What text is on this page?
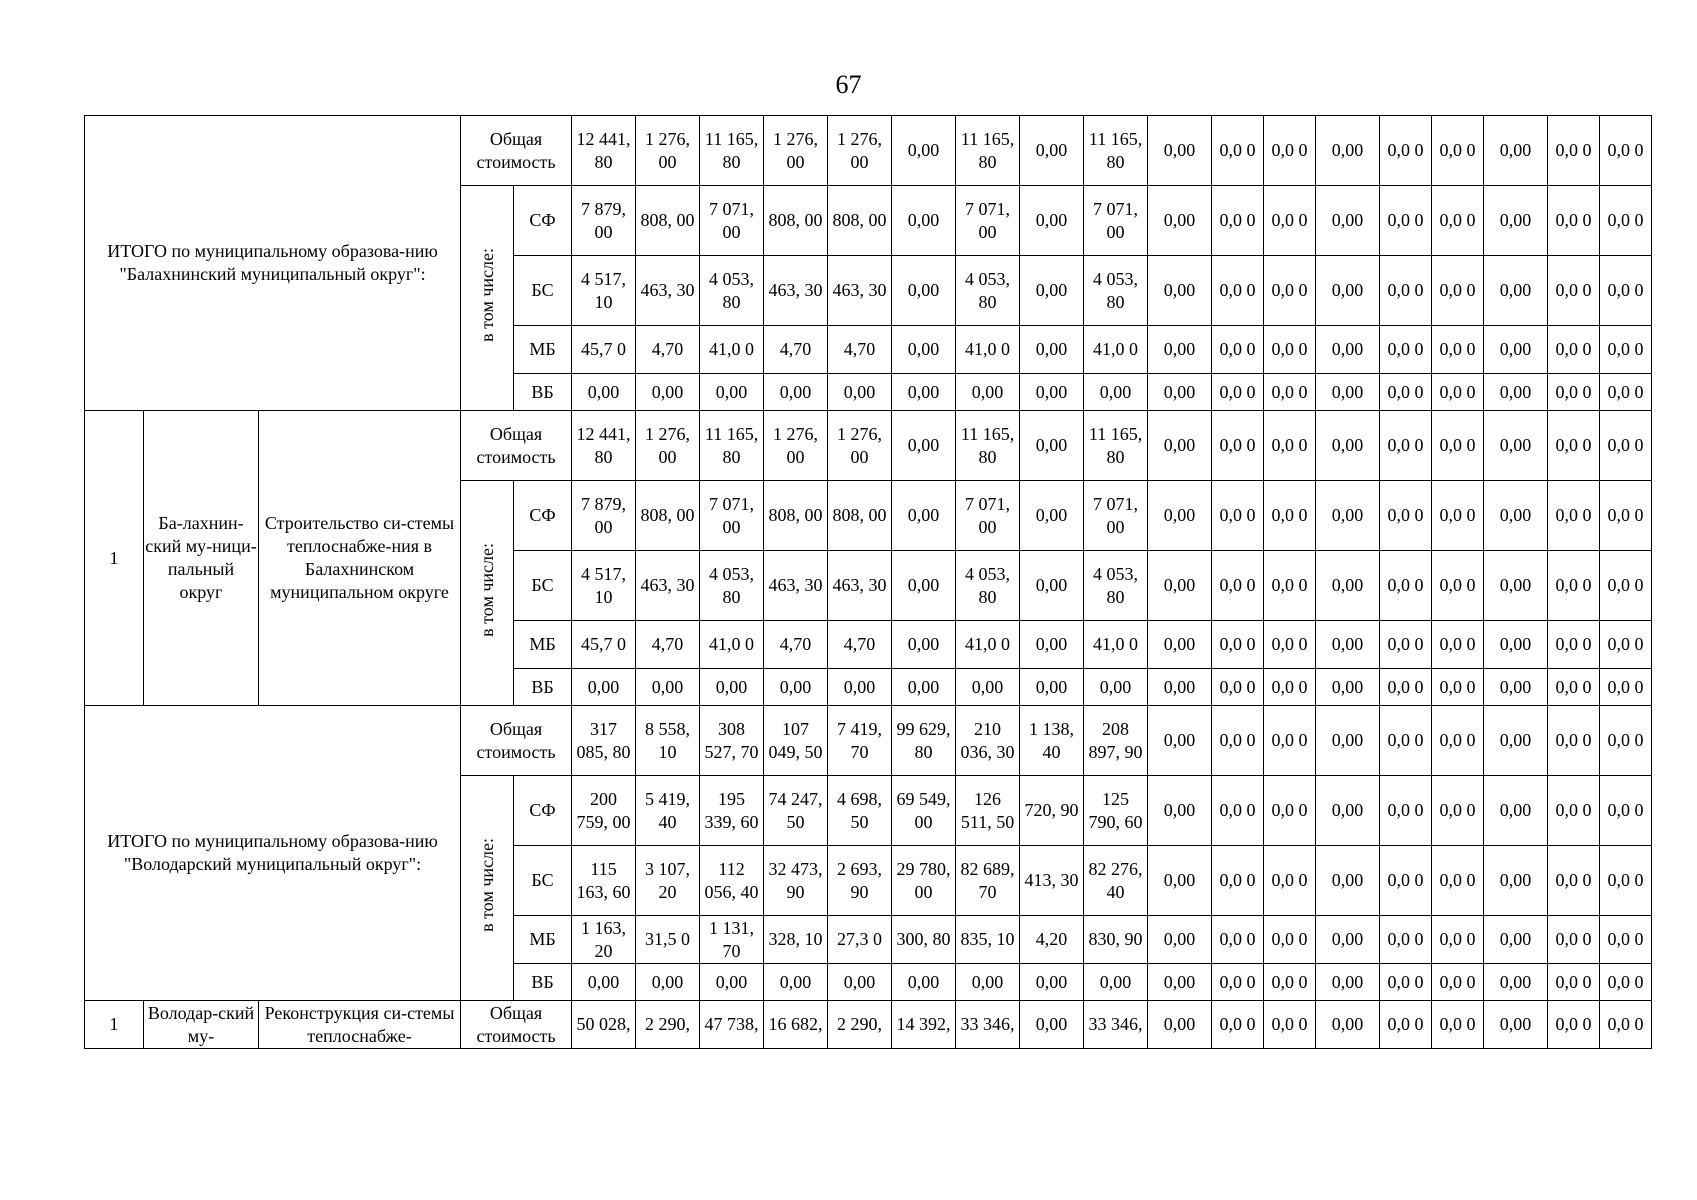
67
ИТОГО по муниципальному образова-нию "Балахнинский муниципальный округ":			Общая стоимость		12 441, 80	1 276, 00	11 165, 80	1 276, 00	1 276, 00	0,00	11 165, 80	0,00	11 165, 80	0,00	0,0 0	0,0 0	0,00	0,0 0	0,0 0	0,00	0,0 0	0,0 0
			в том числе:	СФ	7 879, 00	808, 00	7 071, 00	808, 00	808, 00	0,00	7 071, 00	0,00	7 071, 00	0,00	0,0 0	0,0 0	0,00	0,0 0	0,0 0	0,00	0,0 0	0,0 0
				БС	4 517, 10	463, 30	4 053, 80	463, 30	463, 30	0,00	4 053, 80	0,00	4 053, 80	0,00	0,0 0	0,0 0	0,00	0,0 0	0,0 0	0,00	0,0 0	0,0 0
				МБ	45,7 0	4,70	41,0 0	4,70	4,70	0,00	41,0 0	0,00	41,0 0	0,00	0,0 0	0,0 0	0,00	0,0 0	0,0 0	0,00	0,0 0	0,0 0
				ВБ	0,00	0,00	0,00	0,00	0,00	0,00	0,00	0,00	0,00	0,00	0,0 0	0,0 0	0,00	0,0 0	0,0 0	0,00	0,0 0	0,0 0
1	Ба-лахнин-ский му-ници-пальный округ	Строительство си-стемы теплоснабже-ния в Балахнинском муниципальном округе	Общая стоимость		12 441, 80	1 276, 00	11 165, 80	1 276, 00	1 276, 00	0,00	11 165, 80	0,00	11 165, 80	0,00	0,0 0	0,0 0	0,00	0,0 0	0,0 0	0,00	0,0 0	0,0 0
			в том числе:	СФ	7 879, 00	808, 00	7 071, 00	808, 00	808, 00	0,00	7 071, 00	0,00	7 071, 00	0,00	0,0 0	0,0 0	0,00	0,0 0	0,0 0	0,00	0,0 0	0,0 0
				БС	4 517, 10	463, 30	4 053, 80	463, 30	463, 30	0,00	4 053, 80	0,00	4 053, 80	0,00	0,0 0	0,0 0	0,00	0,0 0	0,0 0	0,00	0,0 0	0,0 0
				МБ	45,7 0	4,70	41,0 0	4,70	4,70	0,00	41,0 0	0,00	41,0 0	0,00	0,0 0	0,0 0	0,00	0,0 0	0,0 0	0,00	0,0 0	0,0 0
				ВБ	0,00	0,00	0,00	0,00	0,00	0,00	0,00	0,00	0,00	0,00	0,0 0	0,0 0	0,00	0,0 0	0,0 0	0,00	0,0 0	0,0 0
ИТОГО по муниципальному образова-нию "Володарский муниципальный округ":			Общая стоимость		317 085, 80	8 558, 10	308 527, 70	107 049, 50	7 419, 70	99 629, 80	210 036, 30	1 138, 40	208 897, 90	0,00	0,0 0	0,0 0	0,00	0,0 0	0,0 0	0,00	0,0 0	0,0 0
			в том числе:	СФ	200 759, 00	5 419, 40	195 339, 60	74 247, 50	4 698, 50	69 549, 00	126 511, 50	720, 90	125 790, 60	0,00	0,0 0	0,0 0	0,00	0,0 0	0,0 0	0,00	0,0 0	0,0 0
				БС	115 163, 60	3 107, 20	112 056, 40	32 473, 90	2 693, 90	29 780, 00	82 689, 70	413, 30	82 276, 40	0,00	0,0 0	0,0 0	0,00	0,0 0	0,0 0	0,00	0,0 0	0,0 0
				МБ	1 163, 20	31,5 0	1 131, 70	328, 10	27,3 0	300, 80	835, 10	4,20	830, 90	0,00	0,0 0	0,0 0	0,00	0,0 0	0,0 0	0,00	0,0 0	0,0 0
				ВБ	0,00	0,00	0,00	0,00	0,00	0,00	0,00	0,00	0,00	0,00	0,0 0	0,0 0	0,00	0,0 0	0,0 0	0,00	0,0 0	0,0 0
1	Володар-ский му-	Реконструкция си-стемы теплоснабже-	Общая стоимость		50 028,	2 290,	47 738,	16 682,	2 290,	14 392,	33 346,	0,00	33 346,	0,00	0,0 0	0,0 0	0,00	0,0 0	0,0 0	0,00	0,0 0	0,0 0
